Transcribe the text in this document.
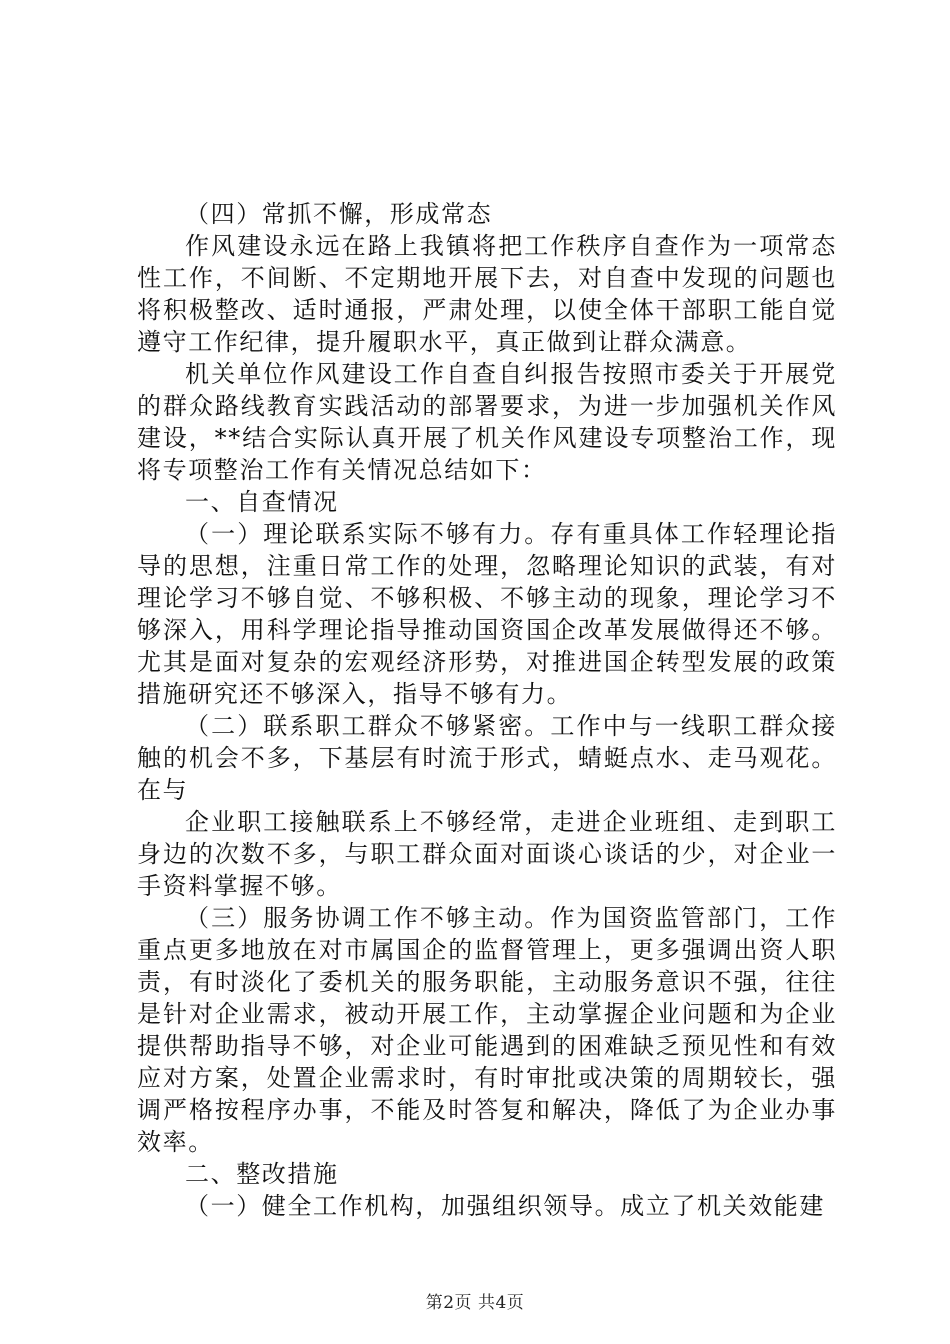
（四）常抓不懈，形成常态

作风建设永远在路上我镇将把工作秩序自查作为一项常态性工作，不间断、不定期地开展下去，对自查中发现的问题也将积极整改、适时通报，严肃处理，以使全体干部职工能自觉遵守工作纪律，提升履职水平，真正做到让群众满意。

机关单位作风建设工作自查自纠报告按照市委关于开展党的群众路线教育实践活动的部署要求，为进一步加强机关作风建设，**结合实际认真开展了机关作风建设专项整治工作，现将专项整治工作有关情况总结如下：

一、自查情况

（一）理论联系实际不够有力。存有重具体工作轻理论指导的思想，注重日常工作的处理，忽略理论知识的武装，有对理论学习不够自觉、不够积极、不够主动的现象，理论学习不够深入，用科学理论指导推动国资国企改革发展做得还不够。尤其是面对复杂的宏观经济形势，对推进国企转型发展的政策措施研究还不够深入，指导不够有力。

（二）联系职工群众不够紧密。工作中与一线职工群众接触的机会不多，下基层有时流于形式，蜻蜓点水、走马观花。在与

企业职工接触联系上不够经常，走进企业班组、走到职工身边的次数不多，与职工群众面对面谈心谈话的少，对企业一手资料掌握不够。

（三）服务协调工作不够主动。作为国资监管部门，工作重点更多地放在对市属国企的监督管理上，更多强调出资人职责，有时淡化了委机关的服务职能，主动服务意识不强，往往是针对企业需求，被动开展工作，主动掌握企业问题和为企业提供帮助指导不够，对企业可能遇到的困难缺乏预见性和有效应对方案，处置企业需求时，有时审批或决策的周期较长，强调严格按程序办事，不能及时答复和解决，降低了为企业办事效率。

二、整改措施

（一）健全工作机构，加强组织领导。成立了机关效能建

第2页 共4页
